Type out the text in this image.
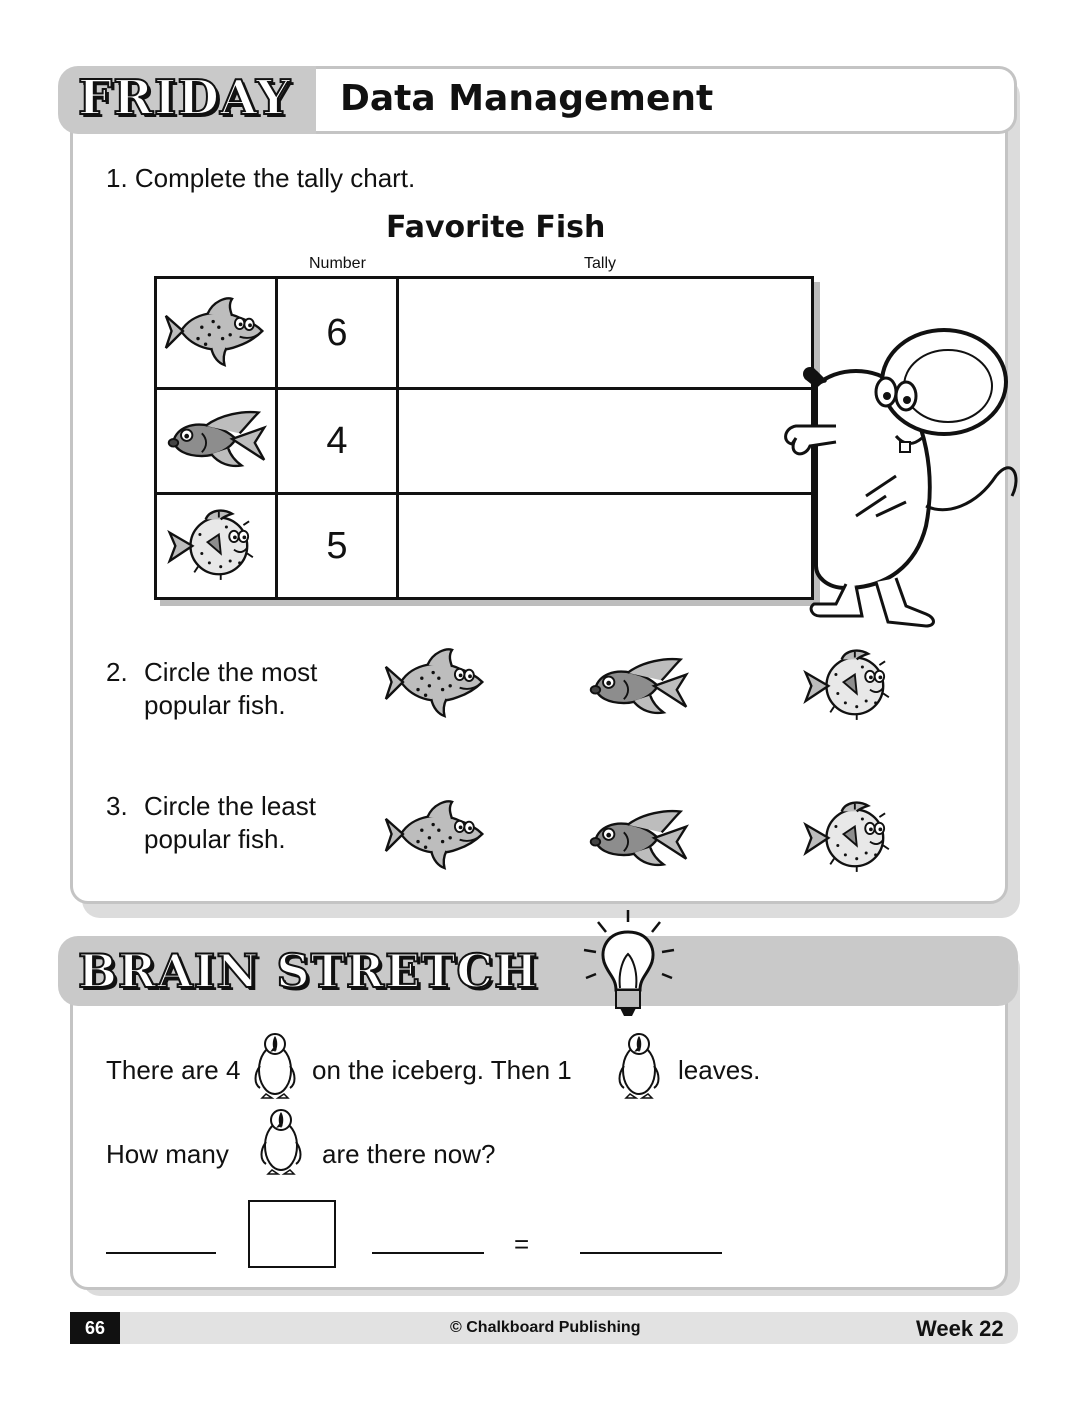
FRIDAY Data Management
1. Complete the tally chart.
Favorite Fish
Number	Tally
	6	
	4	
	5	
2. Circle the most
popular fish.
3. Circle the least
popular fish.
BRAIN STRETCH
There are 4	on the iceberg. Then 1	leaves.
How many	are there now?
=
66	© Chalkboard Publishing	Week 22
